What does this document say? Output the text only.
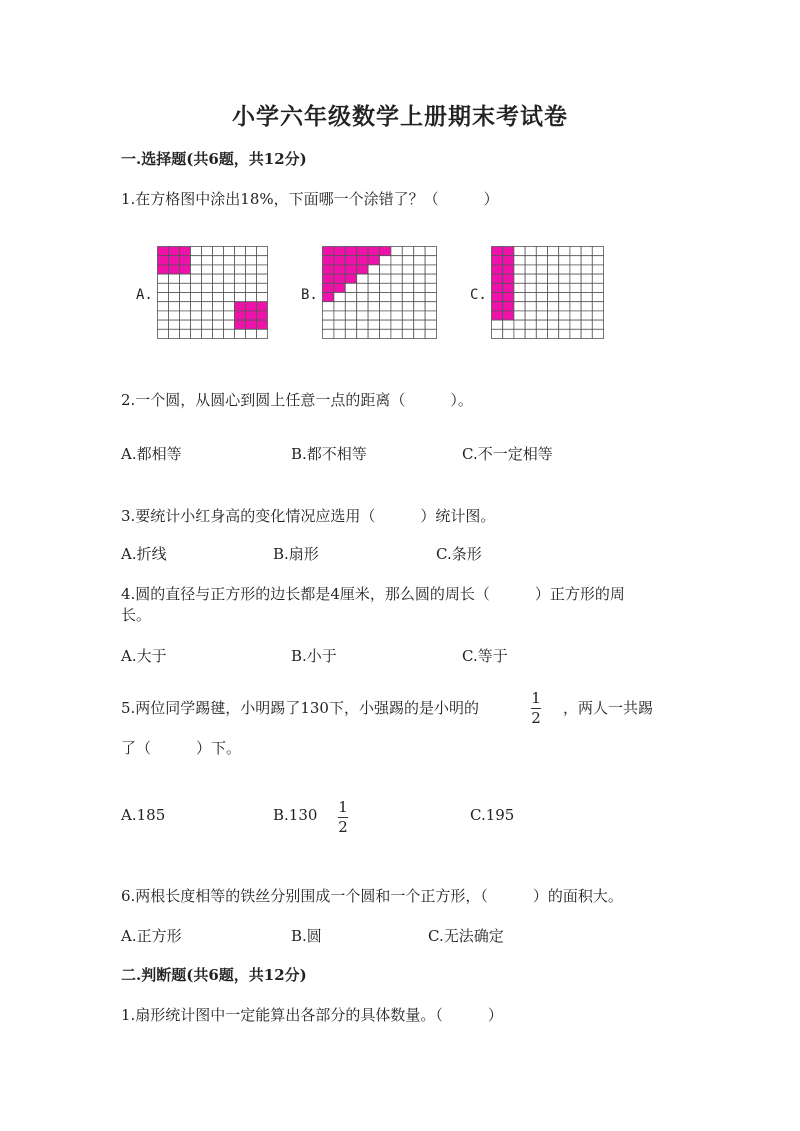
小学六年级数学上册期末考试卷
一.选择题(共6题，共12分)
1.在方格图中涂出18%，下面哪一个涂错了？（　　　）
A.	B.	C.
2.一个圆，从圆心到圆上任意一点的距离（　　　）。
A.都相等	B.都不相等	C.不一定相等
3.要统计小红身高的变化情况应选用（　　　）统计图。
A.折线	B.扇形	C.条形
4.圆的直径与正方形的边长都是4厘米，那么圆的周长（　　　）正方形的周
长。
A.大于	B.小于	C.等于
5.两位同学踢毽，小明踢了130下，小强踢的是小明的
1
2
，两人一共踢
了（　　　）下。
A.185	B.130 1
2
C.195
6.两根长度相等的铁丝分别围成一个圆和一个正方形，（　　　）的面积大。
A.正方形	B.圆	C.无法确定
二.判断题(共6题，共12分)
1.扇形统计图中一定能算出各部分的具体数量。（　　　）
